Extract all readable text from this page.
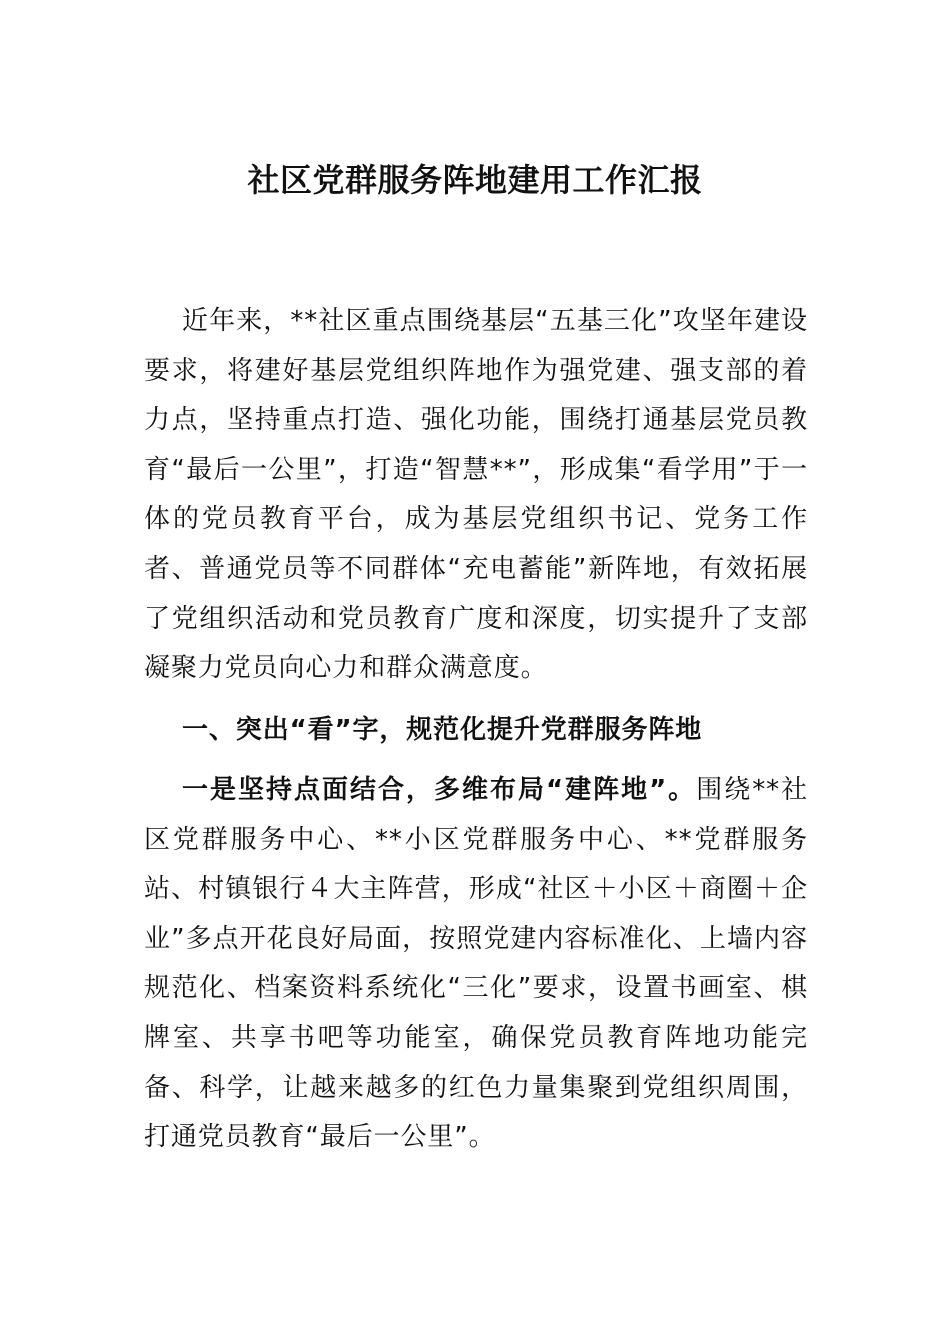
社区党群服务阵地建用工作汇报
近年来，**社区重点围绕基层“五基三化”攻坚年建设要求，将建好基层党组织阵地作为强党建、强支部的着力点，坚持重点打造、强化功能，围绕打通基层党员教育“最后一公里”，打造“智慧**”，形成集“看学用”于一体的党员教育平台，成为基层党组织书记、党务工作者、普通党员等不同群体“充电蓄能”新阵地，有效拓展了党组织活动和党员教育广度和深度，切实提升了支部凝聚力党员向心力和群众满意度。
一、突出“看”字，规范化提升党群服务阵地
一是坚持点面结合，多维布局“建阵地”。围绕**社区党群服务中心、**小区党群服务中心、**党群服务站、村镇银行４大主阵营，形成“社区＋小区＋商圈＋企业”多点开花良好局面，按照党建内容标准化、上墙内容规范化、档案资料系统化“三化”要求，设置书画室、棋牌室、共享书吧等功能室，确保党员教育阵地功能完备、科学，让越来越多的红色力量集聚到党组织周围，打通党员教育“最后一公里”。
